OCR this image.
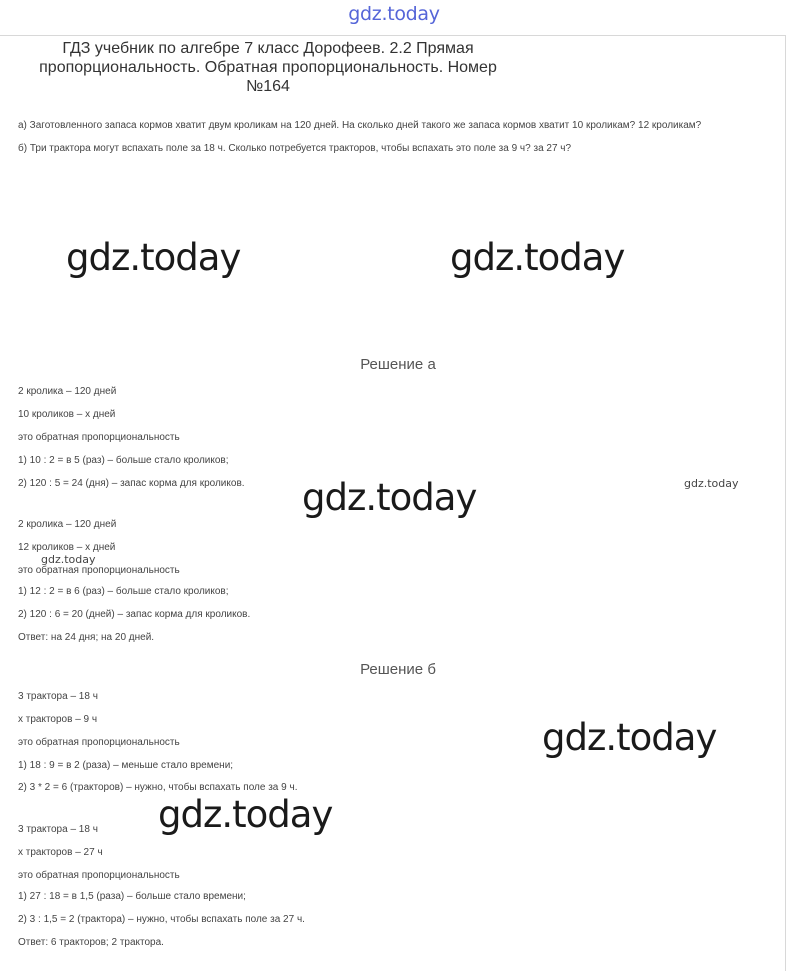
gdz.today
ГДЗ учебник по алгебре 7 класс Дорофеев. 2.2 Прямая пропорциональность. Обратная пропорциональность. Номер №164
а) Заготовленного запаса кормов хватит двум кроликам на 120 дней. На сколько дней такого же запаса кормов хватит 10 кроликам? 12 кроликам?
б) Три трактора могут вспахать поле за 18 ч. Сколько потребуется тракторов, чтобы вспахать это поле за 9 ч? за 27 ч?
gdz.today	gdz.today
Решение а
2 кролика – 120 дней
10 кроликов – x дней
это обратная пропорциональность
1) 10 : 2 = в 5 (раз) – больше стало кроликов;
2) 120 : 5 = 24 (дня) – запас корма для кроликов. gdz.today	gdz.today
2 кролика – 120 дней
12 кроликов – x дней
gdz.today
это обратная пропорциональность
1) 12 : 2 = в 6 (раз) – больше стало кроликов;
2) 120 : 6 = 20 (дней) – запас корма для кроликов.
Ответ: на 24 дня; на 20 дней.
Решение б
3 трактора – 18 ч
x тракторов – 9 ч
это обратная пропорциональность
1) 18 : 9 = в 2 (раза) – меньше стало времени;
2) 3 * 2 = 6 (тракторов) – нужно, чтобы вспахать поле за 9 ч.
gdz.today
gdz.today
3 трактора – 18 ч
x тракторов – 27 ч
это обратная пропорциональность
1) 27 : 18 = в 1,5 (раза) – больше стало времени;
2) 3 : 1,5 = 2 (трактора) – нужно, чтобы вспахать поле за 27 ч.
Ответ: 6 тракторов; 2 трактора.
